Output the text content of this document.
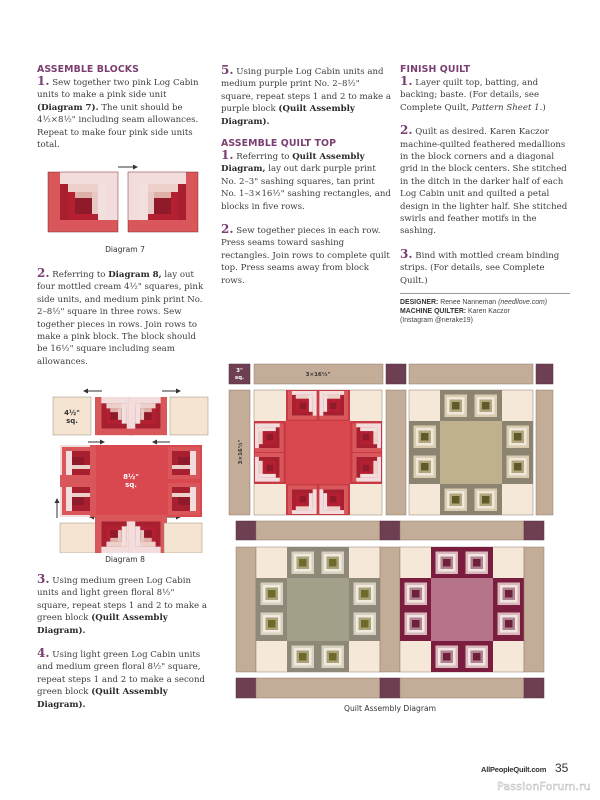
ASSEMBLE BLOCKS

1. Sew together two pink Log Cabin units to make a pink side unit (Diagram 7). The unit should be 4½×8½" including seam allowances. Repeat to make four pink side units total.

Diagram 7

2. Referring to Diagram 8, lay out four mottled cream 4½" squares, pink side units, and medium pink print No. 2–8½" square in three rows. Sew together pieces in rows. Join rows to make a pink block. The block should be 16½" square including seam allowances.

8½"
sq.
4½"
sq.
Diagram 8

3. Using medium green Log Cabin units and light green floral 8½" square, repeat steps 1 and 2 to make a green block (Quilt Assembly Diagram).

4. Using light green Log Cabin units and medium green floral 8½" square, repeat steps 1 and 2 to make a second green block (Quilt Assembly Diagram).

5. Using purple Log Cabin units and medium purple print No. 2–8½" square, repeat steps 1 and 2 to make a purple block (Quilt Assembly Diagram).

ASSEMBLE QUILT TOP

1. Referring to Quilt Assembly Diagram, lay out dark purple print No. 2–3" sashing squares, tan print No. 1–3×16½" sashing rectangles, and blocks in five rows.

2. Sew together pieces in each row. Press seams toward sashing rectangles. Join rows to complete quilt top. Press seams away from block rows.

FINISH QUILT

1. Layer quilt top, batting, and backing; baste. (For details, see Complete Quilt, Pattern Sheet 1.)

2. Quilt as desired. Karen Kaczor machine-quilted feathered medallions in the block corners and a diagonal grid in the block centers. She stitched in the ditch in the darker half of each Log Cabin unit and quilted a petal design in the lighter half. She stitched swirls and feather motifs in the sashing.

3. Bind with mottled cream binding strips. (For details, see Complete Quilt.)

DESIGNER: Renee Nanneman (needllove.com)
MACHINE QUILTER: Karen Kaczor
(Instagram @nerake19)
3"
sq.	3×16½"
3×16½"
Quilt Assembly Diagram
AllPeopleQuilt.com 35
PassionForum.ru
